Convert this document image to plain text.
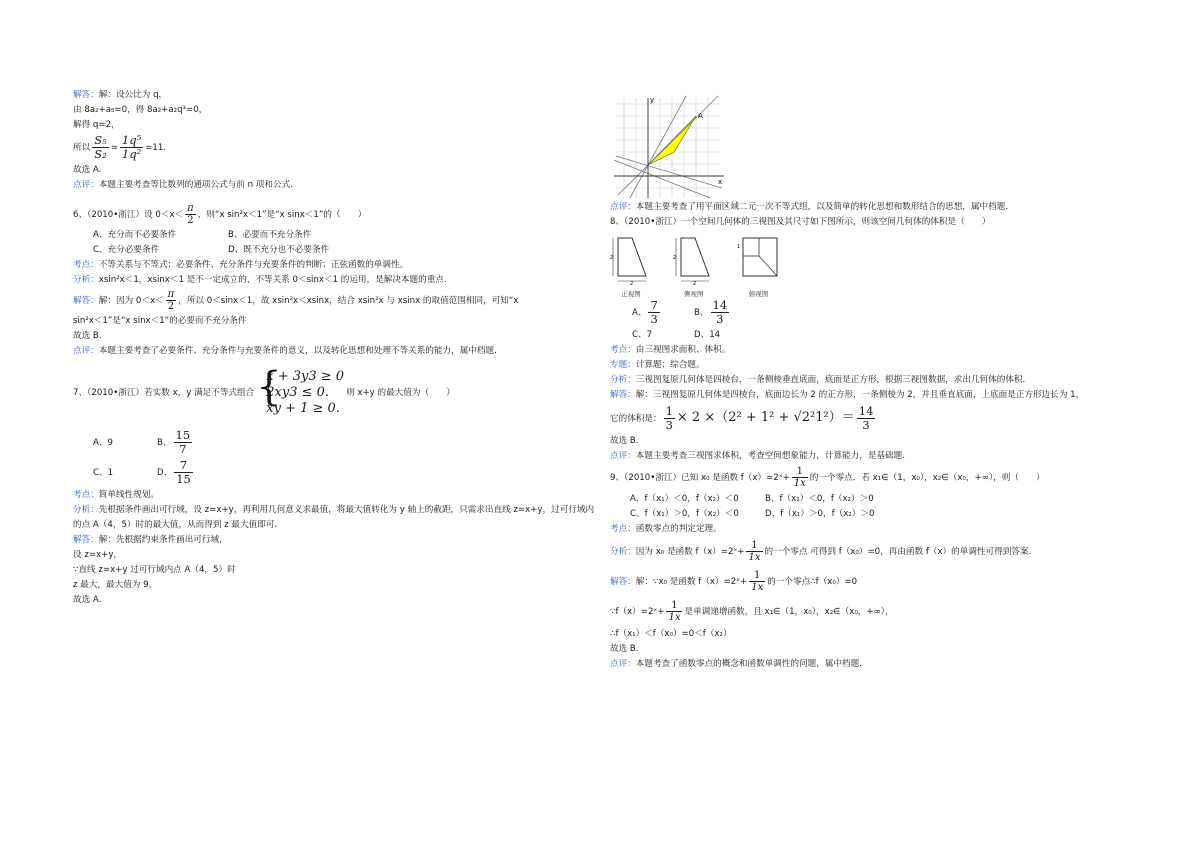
解答：解：设公比为 q，
由 8a₂+a₅=0，得 8a₂+a₂q³=0，
解得 q=2，
所以 $\frac{\text{S₅}}{\text{S₂}} = \frac{\text{1q⁵}}{\text{1q²}} =11$.
故选 A.
点评：本题主要考查等比数列的通项公式与前 n 项和公式.
6、（2010•浙江）设 $0<x< \frac{\pi}{2}$ ，则“x sin²x＜1”是“x sinx＜1”的（　　）
A、充分而不必要条件	B、必要而不充分条件
C、充分必要条件	D、既不充分也不必要条件
考点：不等关系与不等式；必要条件、充分条件与充要条件的判断；正弦函数的单调性。
分析：xsin²x＜1，xsinx＜1 是不一定成立的，不等关系 0＜sinx＜1 的运用，是解决本题的重点.
解答：解：因为 $0<x< \frac{\pi}{2}$ ，所以 0＜sinx＜1，故 xsin²x＜xsinx，结合 xsin²x 与 xsinx 的取值范围相同，可知“x
sin²x＜1”是“x sinx＜1”的必要而不充分条件
故选 B.
点评：本题主要考查了必要条件、充分条件与充要条件的意义，以及转化思想和处理不等关系的能力，属中档题.
7、（2010•浙江）若实数 x，y 满足不等式组合 {
x + 3y3 ≥ 0
2xy3 ≤ 0.
xy + 1 ≥ 0.
则 x+y 的最大值为（　　）
A、9	B、 $\frac{15}{7}$
C、1	D、 $\frac{7}{15}$
考点：简单线性规划。
分析：先根据条件画出可行域，设 z=x+y，再利用几何意义求最值，将最大值转化为 y 轴上的截距，只需求出直线 z=x+y，过可行域内的点 A（4，5）时的最大值，从而得到 z 最大值即可.
解答：解：先根据约束条件画出可行域，
设 z=x+y，
∵直线 z=x+y 过可行域内点 A（4，5）时
z 最大，最大值为 9，
故选 A.
y
x
A
点评：本题主要考查了用平面区域二元一次不等式组，以及简单的转化思想和数形结合的思想，属中档题.
8、（2010•浙江）一个空间几何体的三视图及其尺寸如下图所示，则该空间几何体的体积是（　　）
2
2
正视图

2
2
侧视图

1
俯视图
A、 $\frac{7}{3}$	B、 $\frac{14}{3}$
C、7	D、14
考点：由三视图求面积、体积。
专题：计算题；综合题。
分析：三视图复原几何体是四棱台，一条侧棱垂直底面，底面是正方形，根据三视图数据，求出几何体的体积.
解答：解：三视图复原几何体是四棱台，底面边长为 2 的正方形，一条侧棱为 2，并且垂直底面，上底面是正方形边长为 1，
它的体积是： $\frac{1}{3} \times 2 \times(2^2 + 1^2 + √2^21^2)= \frac{14}{3}$
故选 B.
点评：本题主要考查三视图求体积，考查空间想象能力，计算能力，是基础题.
9、（2010•浙江）已知 x₀ 是函数 f（x）=2ˣ+ $\frac{1}{1x}$ 的一个零点．若 x₁∈（1，x₀），x₂∈（x₀，+∞），则（　　）
A、f（x₁）＜0，f（x₂）＜0	B、f（x₁）＜0，f（x₂）＞0
C、f（x₁）＞0，f（x₂）＜0	D、f（x₁）＞0，f（x₂）＞0
考点：函数零点的判定定理。
分析：因为 x₀ 是函数 f（x）=2ˣ+ $\frac{1}{1x}$ 的一个零点 可得到 f（x₀）=0，再由函数 f（x）的单调性可得到答案.
解答：解：∵x₀ 是函数 f（x）=2ˣ+ $\frac{1}{1x}$ 的一个零点∴f（x₀）=0
∵f（x）=2ˣ+ $\frac{1}{1x}$ 是单调递增函数，且 x₁∈（1，x₀），x₂∈（x₀，+∞），
∴f（x₁）＜f（x₀）=0＜f（x₂）
故选 B.
点评：本题考查了函数零点的概念和函数单调性的问题，属中档题.
